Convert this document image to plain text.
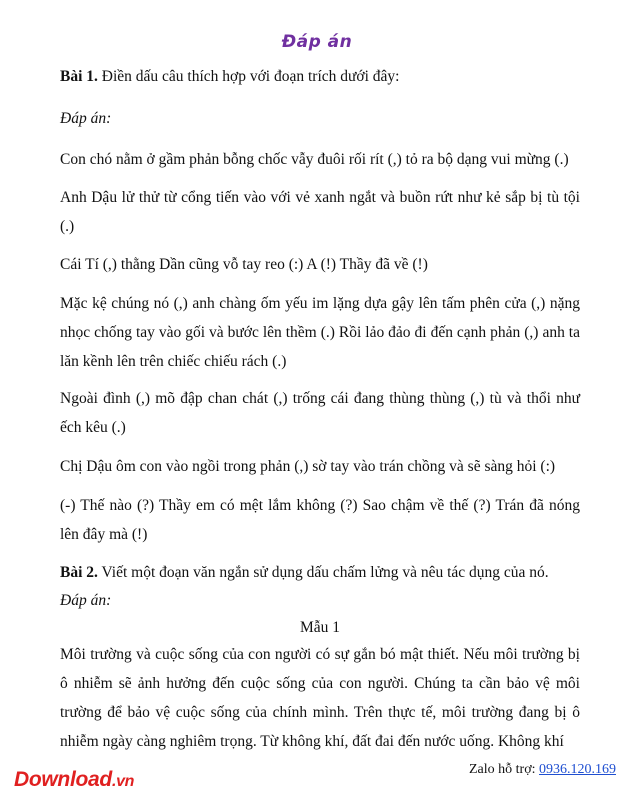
Đáp án
Bài 1. Điền dấu câu thích hợp với đoạn trích dưới đây:
Đáp án:
Con chó nằm ở gầm phản bỗng chốc vẫy đuôi rối rít (,) tỏ ra bộ dạng vui mừng (.)
Anh Dậu lử thử từ cổng tiến vào với vẻ xanh ngắt và buồn rứt như kẻ sắp bị tù tội (.)
Cái Tí (,) thằng Dần cũng vỗ tay reo (:) A (!) Thầy đã về (!)
Mặc kệ chúng nó (,) anh chàng ốm yếu im lặng dựa gậy lên tấm phên cửa (,) nặng nhọc chống tay vào gối và bước lên thềm (.) Rồi lảo đảo đi đến cạnh phản (,) anh ta lăn kềnh lên trên chiếc chiếu rách (.)
Ngoài đình (,) mõ đập chan chát (,) trống cái đang thùng thùng (,) tù và thổi như ếch kêu (.)
Chị Dậu ôm con vào ngồi trong phản (,) sờ tay vào trán chồng và sẽ sàng hỏi (:)
(-) Thế nào (?) Thầy em có mệt lắm không (?) Sao chậm về thế (?) Trán đã nóng lên đây mà (!)
Bài 2. Viết một đoạn văn ngắn sử dụng dấu chấm lửng và nêu tác dụng của nó.
Đáp án:
Mẫu 1
Môi trường và cuộc sống của con người có sự gắn bó mật thiết. Nếu môi trường bị ô nhiễm sẽ ảnh hưởng đến cuộc sống của con người. Chúng ta cần bảo vệ môi trường để bảo vệ cuộc sống của chính mình. Trên thực tế, môi trường đang bị ô nhiễm ngày càng nghiêm trọng. Từ không khí, đất đai đến nước uống. Không khí
Download.vn
Zalo hỗ trợ: 0936.120.169
